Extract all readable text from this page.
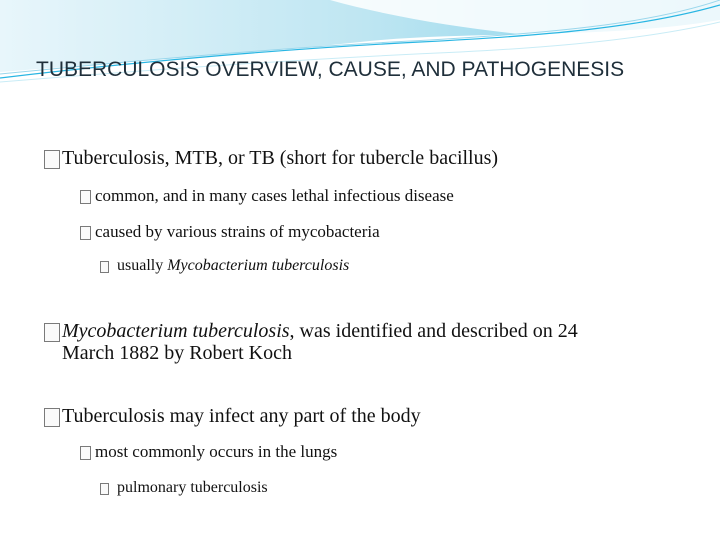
TUBERCULOSIS OVERVIEW, CAUSE, AND PATHOGENESIS
Tuberculosis, MTB, or TB (short for tubercle bacillus)
common, and in many cases lethal infectious disease
caused by various strains of mycobacteria
usually Mycobacterium tuberculosis
Mycobacterium tuberculosis, was identified and described on 24
March 1882 by Robert Koch
Tuberculosis may infect any part of the body
most commonly occurs in the lungs
pulmonary tuberculosis
